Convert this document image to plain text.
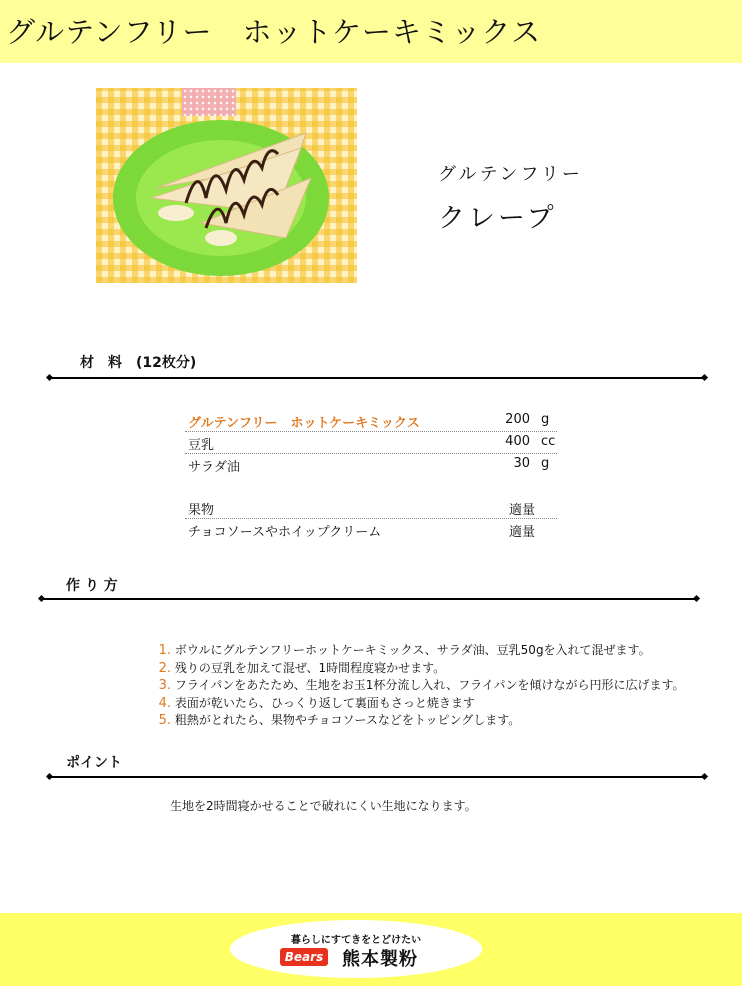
グルテンフリー　ホットケーキミックス
グルテンフリー
クレープ
材　料　(12枚分)
グルテンフリー　ホットケーキミックス	200 g
豆乳	400 cc
サラダ油	30 g
果物	適量
チョコソースやホイップクリーム	適量
作 り 方
1. ボウルにグルテンフリーホットケーキミックス、サラダ油、豆乳50gを入れて混ぜます。
2. 残りの豆乳を加えて混ぜ、1時間程度寝かせます。
3. フライパンをあたため、生地をお玉1杯分流し入れ、フライパンを傾けながら円形に広げます。
4. 表面が乾いたら、ひっくり返して裏面もさっと焼きます
5. 粗熱がとれたら、果物やチョコソースなどをトッピングします。
ポイント
生地を2時間寝かせることで破れにくい生地になります。
暮らしにすてきをとどけたい
Bears 熊本製粉
